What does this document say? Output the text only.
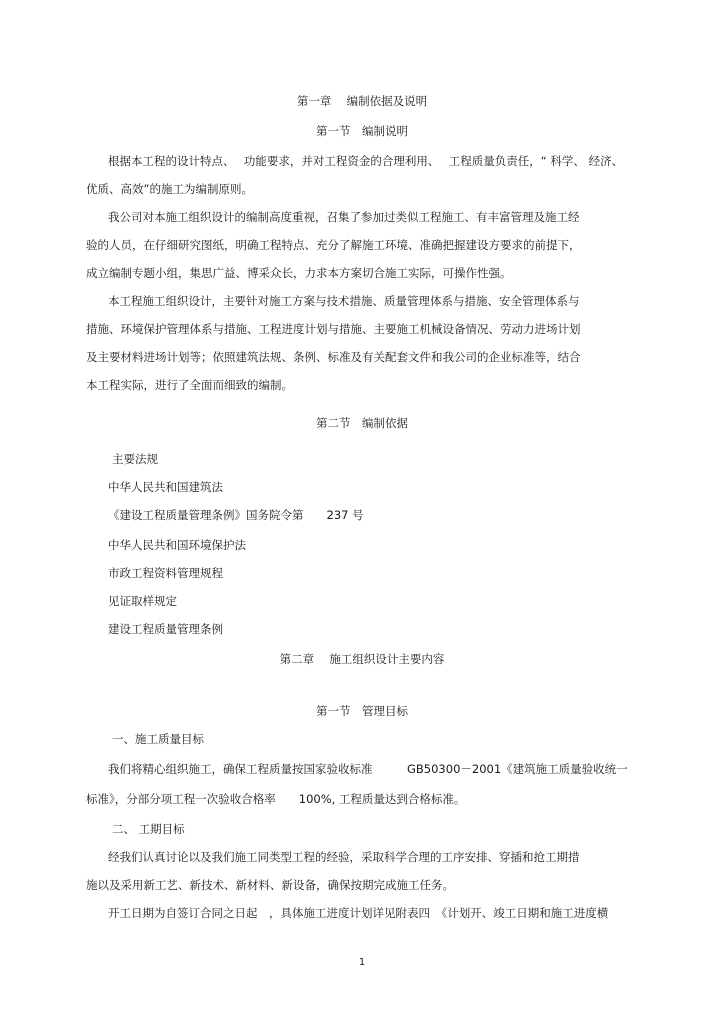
第一章　 编制依据及说明
第一节　编制说明
根据本工程的设计特点、　 功能要求，并对工程资金的合理利用、　 工程质量负责任，“ 科学、 经济、
优质、高效”的施工为编制原则。
我公司对本施工组织设计的编制高度重视，召集了参加过类似工程施工、有丰富管理及施工经
验的人员，在仔细研究图纸，明确工程特点、充分了解施工环境、准确把握建设方要求的前提下，
成立编制专题小组，集思广益、博采众长，力求本方案切合施工实际，可操作性强。
本工程施工组织设计，主要针对施工方案与技术措施、质量管理体系与措施、安全管理体系与
措施、环境保护管理体系与措施、工程进度计划与措施、主要施工机械设备情况、劳动力进场计划
及主要材料进场计划等；依照建筑法规、条例、标准及有关配套文件和我公司的企业标准等，结合
本工程实际，进行了全面而细致的编制。
第二节　编制依据
主要法规
中华人民共和国建筑法
《建设工程质量管理条例》国务院令第　　237 号
中华人民共和国环境保护法
市政工程资料管理规程
见证取样规定
建设工程质量管理条例
第二章　 施工组织设计主要内容
第一节　管理目标
一、施工质量目标
我们将精心组织施工，确保工程质量按国家验收标准　　　GB50300－2001《建筑施工质量验收统一
标准》，分部分项工程一次验收合格率　　100%, 工程质量达到合格标准。
二、 工期目标
经我们认真讨论以及我们施工同类型工程的经验，采取科学合理的工序安排、穿插和抢工期措
施以及采用新工艺、新技术、新材料、新设备，确保按期完成施工任务。
开工日期为自签订合同之日起　，具体施工进度计划详见附表四　《计划开、竣工日期和施工进度横
1
